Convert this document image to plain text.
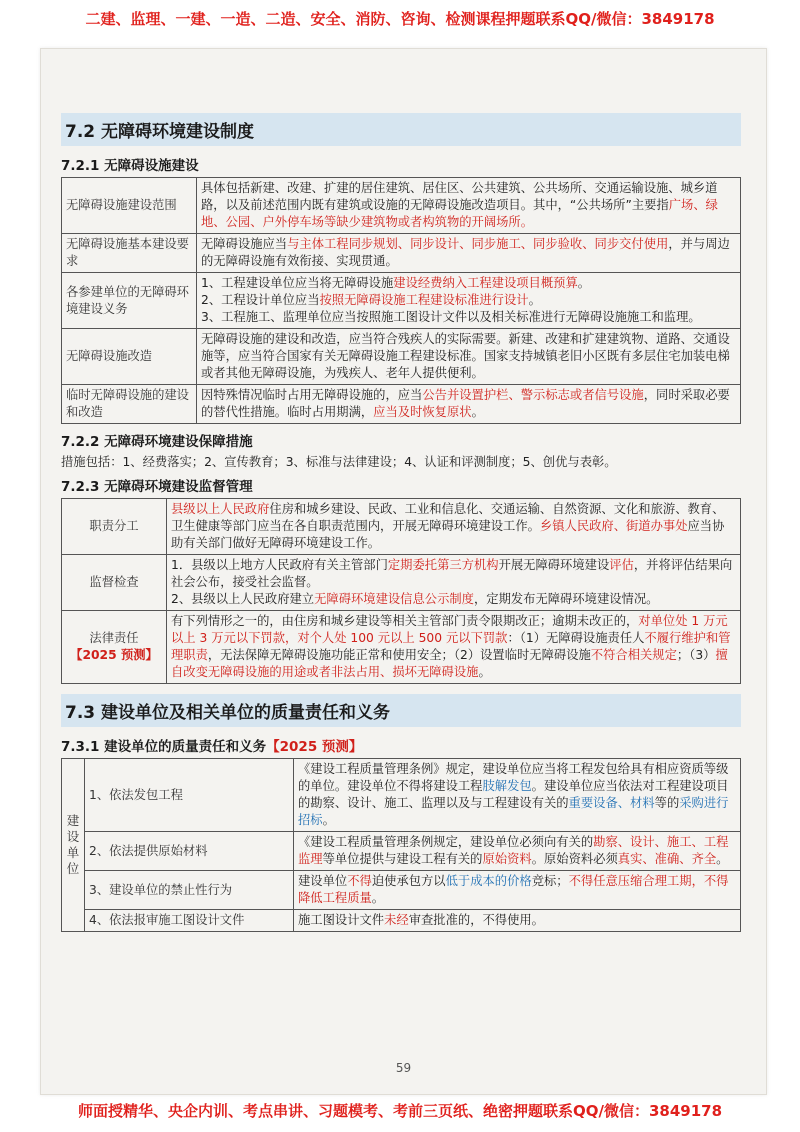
二建、监理、一建、一造、二造、安全、消防、咨询、检测课程押题联系QQ/微信：3849178
7.2 无障碍环境建设制度
7.2.1 无障碍设施建设
无障碍设施建设范围	具体包括新建、改建、扩建的居住建筑、居住区、公共建筑、公共场所、交通运输设施、城乡道路，以及前述范围内既有建筑或设施的无障碍设施改造项目。其中，“公共场所”主要指广场、绿地、公园、户外停车场等缺少建筑物或者构筑物的开阔场所。
无障碍设施基本建设要求	无障碍设施应当与主体工程同步规划、同步设计、同步施工、同步验收、同步交付使用，并与周边的无障碍设施有效衔接、实现贯通。
各参建单位的无障碍环境建设义务	1、工程建设单位应当将无障碍设施建设经费纳入工程建设项目概预算。
2、工程设计单位应当按照无障碍设施工程建设标准进行设计。
3、工程施工、监理单位应当按照施工图设计文件以及相关标准进行无障碍设施施工和监理。

无障碍设施改造	无障碍设施的建设和改造，应当符合残疾人的实际需要。新建、改建和扩建建筑物、道路、交通设施等，应当符合国家有关无障碍设施工程建设标准。国家支持城镇老旧小区既有多层住宅加装电梯或者其他无障碍设施，为残疾人、老年人提供便利。
临时无障碍设施的建设和改造	因特殊情况临时占用无障碍设施的，应当公告并设置护栏、警示标志或者信号设施，同时采取必要的替代性措施。临时占用期满，应当及时恢复原状。
7.2.2 无障碍环境建设保障措施
措施包括：1、经费落实；2、宣传教育；3、标准与法律建设；4、认证和评测制度；5、创优与表彰。
7.2.3 无障碍环境建设监督管理
职责分工	县级以上人民政府住房和城乡建设、民政、工业和信息化、交通运输、自然资源、文化和旅游、教育、卫生健康等部门应当在各自职责范围内，开展无障碍环境建设工作。乡镇人民政府、街道办事处应当协助有关部门做好无障碍环境建设工作。
监督检查	1．县级以上地方人民政府有关主管部门定期委托第三方机构开展无障碍环境建设评估，并将评估结果向社会公布，接受社会监督。
2、县级以上人民政府建立无障碍环境建设信息公示制度，定期发布无障碍环境建设情况。

法律责任
【2025 预测】	有下列情形之一的，由住房和城乡建设等相关主管部门责令限期改正；逾期未改正的，对单位处 1 万元以上 3 万元以下罚款，对个人处 100 元以上 500 元以下罚款：（1）无障碍设施责任人不履行维护和管理职责，无法保障无障碍设施功能正常和使用安全；（2）设置临时无障碍设施不符合相关规定；（3）擅自改变无障碍设施的用途或者非法占用、损坏无障碍设施。
7.3 建设单位及相关单位的质量责任和义务
7.3.1 建设单位的质量责任和义务【2025 预测】
建设单位	1、依法发包工程	《建设工程质量管理条例》规定，建设单位应当将工程发包给具有相应资质等级的单位。建设单位不得将建设工程肢解发包。建设单位应当依法对工程建设项目的勘察、设计、施工、监理以及与工程建设有关的重要设备、材料等的采购进行招标。
	2、依法提供原始材料	《建设工程质量管理条例规定，建设单位必须向有关的勘察、设计、施工、工程监理等单位提供与建设工程有关的原始资料。原始资料必须真实、准确、齐全。
	3、建设单位的禁止性行为	建设单位不得迫使承包方以低于成本的价格竞标；不得任意压缩合理工期，不得降低工程质量。
	4、依法报审施工图设计文件	施工图设计文件未经审查批准的，不得使用。
59
师面授精华、央企内训、考点串讲、习题模考、考前三页纸、绝密押题联系QQ/微信：3849178
